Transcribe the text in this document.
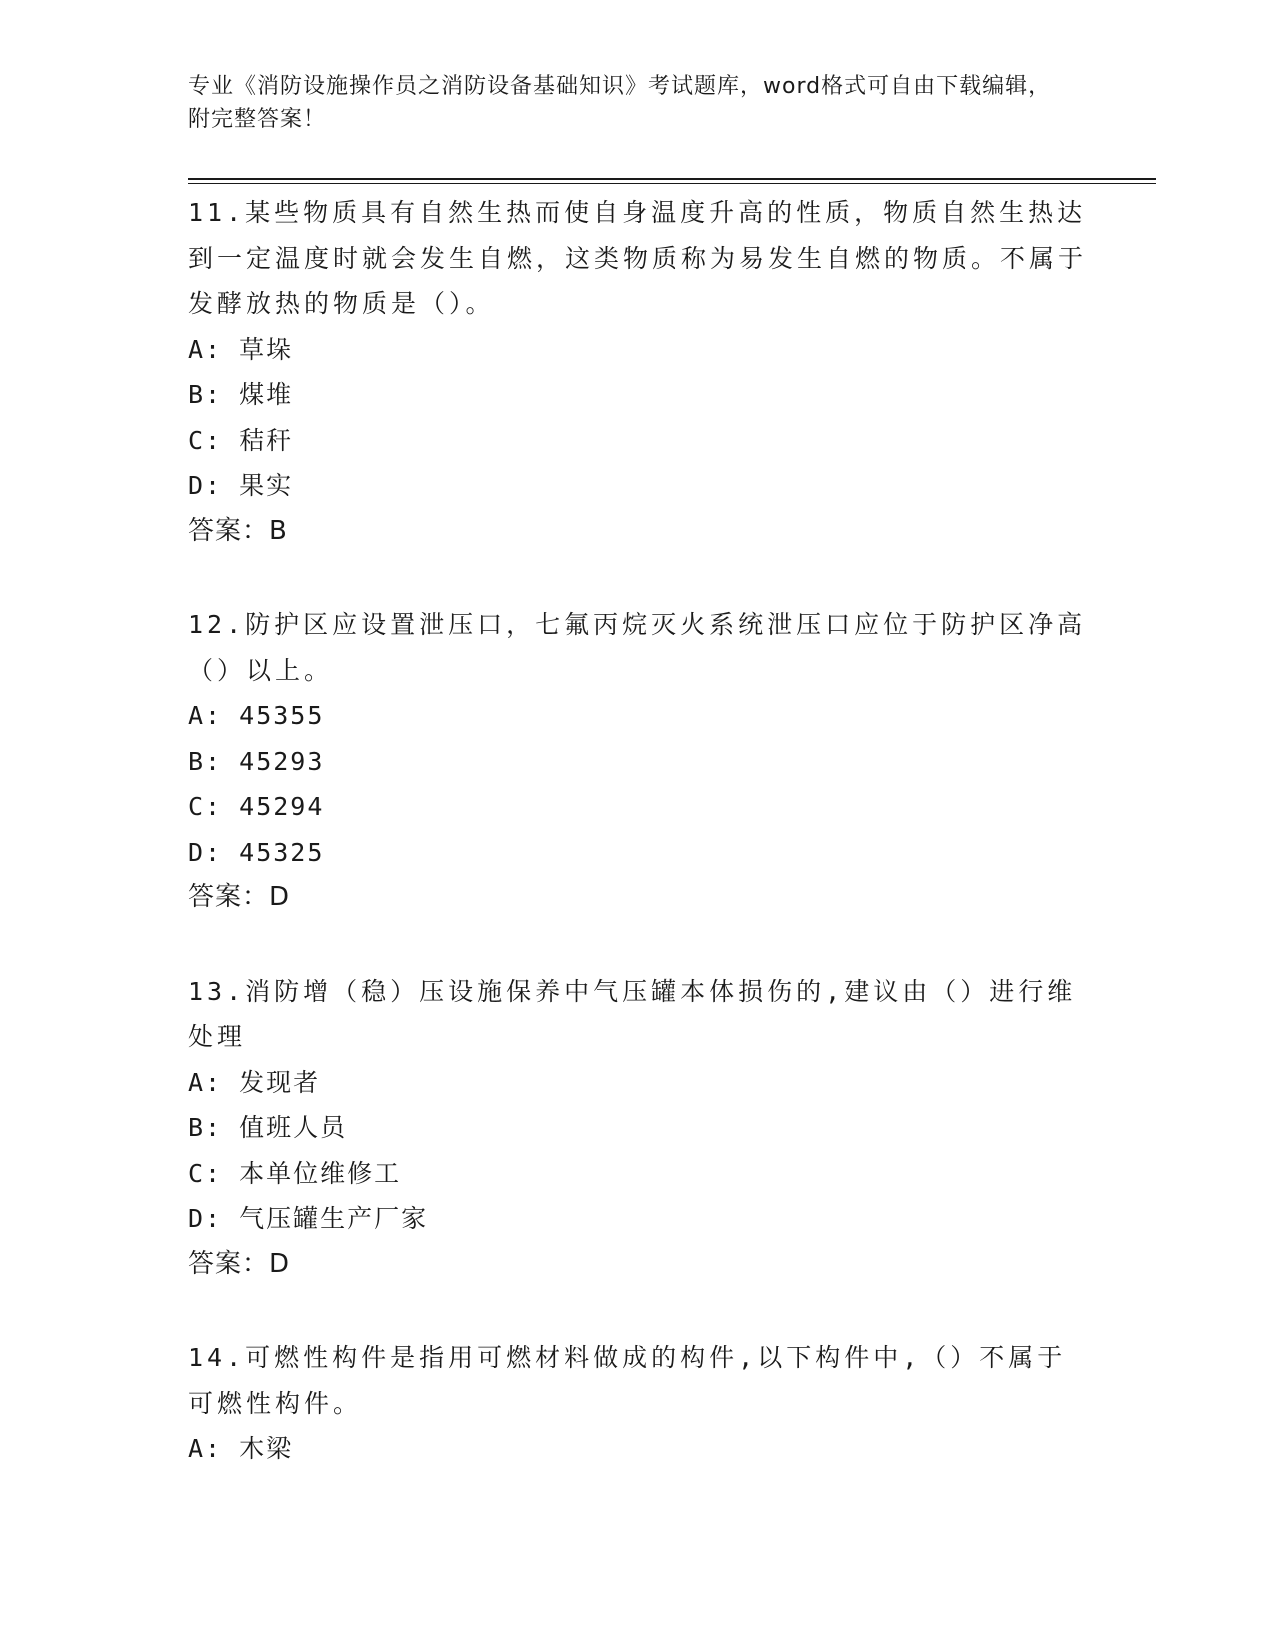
专业《消防设施操作员之消防设备基础知识》考试题库，word格式可自由下载编辑，附完整答案！

11.某些物质具有自然生热而使自身温度升高的性质，物质自然生热达到一定温度时就会发生自燃，这类物质称为易发生自燃的物质。不属于发酵放热的物质是（）。

A: 草垛

B: 煤堆

C: 秸秆

D: 果实

答案：B

12.防护区应设置泄压口，七氟丙烷灭火系统泄压口应位于防护区净高（）以上。

A: 45355

B: 45293

C: 45294

D: 45325

答案：D

13.消防增（稳）压设施保养中气压罐本体损伤的,建议由（）进行维处理

A: 发现者

B: 值班人员

C: 本单位维修工

D: 气压罐生产厂家

答案：D

14.可燃性构件是指用可燃材料做成的构件,以下构件中,（）不属于可燃性构件。

A: 木梁
